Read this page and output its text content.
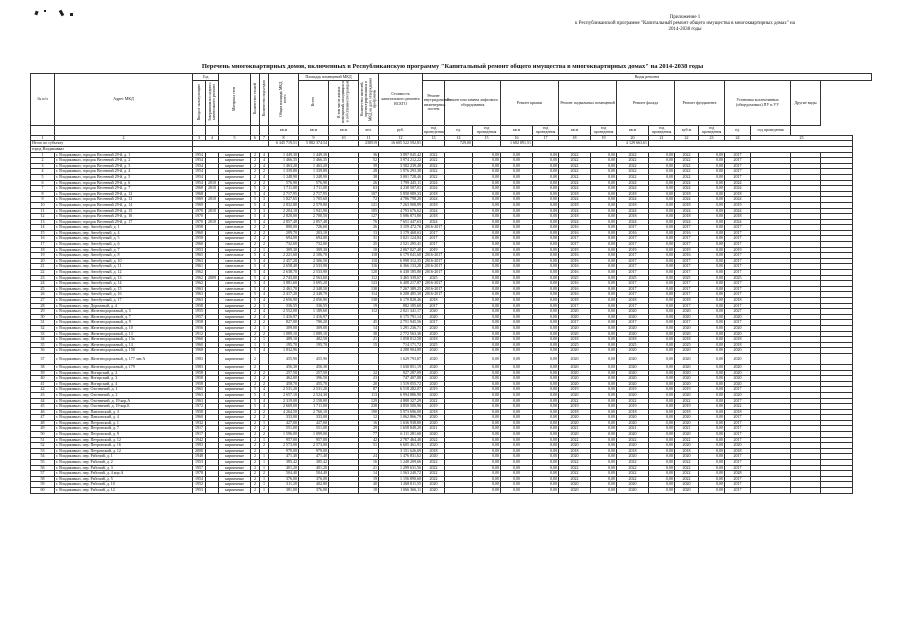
Приложение 1
к Республиканской программе "Капитальный ремонт общего имущества в многоквартирных домах" на
2014-2038 годы
Перечень многоквартирных домов, включенных в Республиканскую программу "Капитальный ремонт общего имущества в многоквартирных домах" на 2014-2038 годы
№ п/п	Адрес МКД	Год		Материал стен	Количество этажей	Количество подъездов	Общая площадь МКД всего	Площадь помещений МКД		Количество жителей, зарегистрированных в МКД на дату утверждения программы	Стоимость капитального ремонта ВСЕГО	Виды ремонта														
		Ввода в эксплуатацию	Завершения последнего капитального ремонта					Всего	В том числе жилых помещений, находящихся в собственности граждан			Ремонт внутридомовых инженерных систем	Ремонт или замена лифтового оборудования		Ремонт крыши		Ремонт подвальных помещений		Ремонт фасада		Ремонт фундамента		Установка коллективных (общедомовых) ПУ и УУ		Другие виды	
							кв.м	кв.м	кв.м	чел.	руб.	год проведения	ед.	год проведения	кв.м	год проведения	кв.м	год проведения	кв.м	год проведения	куб.м	год проведения	ед.	год проведения		
1	2	3	4	5	6	7	8	9	10	11	12	13	14	15	16	17	18	19	20	21	22	23	24	25		
Итого по субъекту							6 345 719,51	5 882 374,54		238519	16 605 522 592,81		729,00		1 682 891,51				4 129 663,61							
город Владикавказ																										
1	г. Владикавказ, городок Весенний 29-й, д. 1	1954		кирпичные	2	4	1 449,30	1 449,30		36	3 897 045,42	2022		0,00	0,00	0,00	2022	0,00	2022	0,00	2022	0,00	2017			
2	г. Владикавказ, городок Весенний 29-й, д. 2	1954		кирпичные	2	4	1 466,35	1 466,35		52	3 974 212,22	2022		0,00	0,00	0,00	2022	0,00	2022	0,00	2022	0,00	2017			
3	г. Владикавказ, городок Весенний 29-й, д. 3	1954		кирпичные	2	4	1 463,20	1 463,20		39	3 582 239,48	2022		0,00	0,00	0,00	2022	0,00	2022	0,00	2022	0,00	2017			
4	г. Владикавказ, городок Весенний 29-й, д. 4	1954		кирпичные	2	2	1 339,80	1 339,80		28	1 976 293,38	2022		0,00	0,00	0,00	2022	0,00	2022	0,00	2022	0,00	2017			
5	г. Владикавказ, городок Весенний 29-й, д. 5	1954		кирпичные	2	4	1 248,90	1 248,90		38	3 001 728,46	2022		0,00	0,00	0,00	2022	0,00	2022	0,00	2022	0,00	2017			
6	г. Владикавказ, городок Весенний 29-й, д. 6	1954	2010	кирпичные	2	2	576,90	576,90		26	1 799 445,11	2024		0,00	0,00	0,00	2024	0,00	2024	0,00	2024	0,00	2024			
7	г. Владикавказ, городок Весенний 29-й, д. 7	1968	2010	кирпичные	5	3	1 711,00	1 711,00		63	4 230 507,01	2024		0,00	0,00	0,00	2024	0,00	2024	0,00	2024	0,00	2024			
8	г. Владикавказ, городок Весенний 29-й, д. 12	1968		кирпичные	5	4	2 717,95	2 717,95		107	5 858 989,33	2018		0,00	0,00	0,00	2018	0,00	2018	0,00	2018	0,00	2018			
9	г. Владикавказ, городок Весенний 29-й, д. 13	1969	2010	кирпичные	5	3	1 827,65	1 705,60		72	4 786 798,20	2024		0,00	0,00	0,00	2024	0,00	2024	0,00	2024	0,00	2024			
10	г. Владикавказ, городок Весенний 29-й, д. 14	1969		кирпичные	5	4	2 832,80	2 579,80		121	7 263 908,89	2018		0,00	0,00	0,00	2018	0,00	2018	0,00	2018	0,00	2019			
11	г. Владикавказ, городок Весенний 29-й, д. 15	1970	2010	кирпичные	5	3	2 204,10	1 941,90		105	4 793 676,62	2024		0,00	0,00	0,00	2024	0,00	2024	0,00	2024	0,00	2024			
12	г. Владикавказ, городок Весенний 29-й, д. 16	1970		кирпичные	5	4	2 820,00	2 700,50		127	5 086 873,80	2018		0,00	0,00	0,00	2018	0,00	2018	0,00	2018	0,00	2018			
13	г. Владикавказ, городок Весенний 29-й, д. 17	1970	2010	кирпичные	5	4	2 857,48	2 857,48		76	7 651 447,63	2024		0,00	0,00	0,00	2024	0,00	2024	0,00	2024	0,00	2024			
14	г. Владикавказ, пер. Автобусный, д. 1	1958		панельные	2	2	800,00	726,60		26	3 159 472,76	2016-2017		0,00	0,00	0,00	2016	0,00	2017	0,00	2017	0,00	2017			
15	г. Владикавказ, пер. Автобусный, д. 4	1960		панельные	2	2	209,70	203,10		13	3 179 468,63	2017		0,00	0,00	0,00	2016	0,00	2016	0,00	2016	0,00	2017			
16	г. Владикавказ, пер. Автобусный, д. 5	1958		кирпичные	2	2	694,00	694,00		31	3 021 124,84	2017		0,00	0,00	0,00	2017	0,00	2017	0,00	2017	0,00	2017			
17	г. Владикавказ, пер. Автобусный, д. 6	1960		панельные	2	2	732,00	732,00		25	2 521 295,41	2017		0,00	0,00	0,00	2017	0,00	2017	0,00	2017	0,00	2017			
18	г. Владикавказ, пер. Автобусный, д. 7	1953		кирпичные	2	1	309,30	309,30		10	2 067 027,40	2019		0,00	0,00	0,00	2019	0,00	2019	0,00	2019	0,00	2019			
19	г. Владикавказ, пер. Автобусный, д. 8	1965		панельные	5	4	2 221,60	2 106,70		118	6 179 041,60	2016-2017		0,00	0,00	0,00	2016	0,00	2017	0,00	2016	0,00	2017			
20	г. Владикавказ, пер. Автобусный, д. 10	1963		панельные	5	4	2 457,20	2 306,50		110	6 998 312,35	2016-2017		0,00	0,00	0,00	2016	0,00	2017	0,00	2017	0,00	2017			
21	г. Владикавказ, пер. Автобусный, д. 11	1961		панельные	5	4	2 658,40	2 533,90		116	6 366 133,28	2016-2017		0,00	0,00	0,00	2016	0,00	2017	0,00	2017	0,00	2017			
22	г. Владикавказ, пер. Автобусный, д. 12	1962		панельные	5	4	2 638,70	2 533,90		120	6 438 185,80	2016-2017		0,00	0,00	0,00	2016	0,00	2017	0,00	2017	0,00	2017			
23	г. Владикавказ, пер. Автобусный, д. 13	1962	2009	панельные	5	4	2 743,00	2 563,60		112	3 465 339,67	2025		0,00	0,00	0,00	2025	0,00	2025	0,00	2025	0,00	2025			
24	г. Владикавказ, пер. Автобусный, д. 14	1962		панельные	5	4	3 881,60	3 695,20		123	6 408 217,87	2016-2017		0,00	0,00	0,00	2016	0,00	2017	0,00	2017	0,00	2017			
25	г. Владикавказ, пер. Автобусный, д. 15	1963		панельные	5	4	2 461,70	2 348,50		130	7 267 389,25	2016-2017		0,00	0,00	0,00	2016	0,00	2017	0,00	2017	0,00	2017			
26	г. Владикавказ, пер. Автобусный, д. 16	1963		панельные	5	4	2 417,20	2 348,70		114	6 208 485,30	2016-2017		0,00	0,00	0,00	2016	0,00	2017	0,00	2017	0,00	2017			
27	г. Владикавказ, пер. Автобусный, д. 17	1963		панельные	5	4	2 656,90	2 056,90		138	6 170 828,46	2018		0,00	0,00	0,00	2018	0,00	2018	0,00	2018	0,00	2018			
28	г. Владикавказ, пер. Дорожный, д. 4	1958		кирпичные	2	1	336,55	336,55		19	882 185,60	2017		0,00	0,00	0,00	2017	0,00	2017	0,00	2017	0,00	2017			
29	г. Владикавказ, пер. Железнодорожный, д. 5	1955		кирпичные	2	4	2 552,00	1 189,60		112	2 821 341,17	2020		0,00	0,00	0,00	2020	0,00	2020	0,00	2020	0,00	2027			
30	г. Владикавказ, пер. Железнодорожный, д. 7	1957		кирпичные	2	4	1 416,97	1 416,97			6 175 791,14	2020		0,00	0,00	0,00	2020	0,00	2020	0,00	2020	0,00	2020			
31	г. Владикавказ, пер. Железнодорожный, д. 9	1958		кирпичные	2	2	827,00	780,20		45	2 751 945,56	2017		0,00	0,00	0,00	2017	0,00	2017	0,00	2017	0,00	2017			
32	г. Владикавказ, пер. Железнодорожный, д. 10	1956		кирпичные	2	1	309,00	309,00		14	1 291 236,71	2020		0,00	0,00	0,00	2020	0,00	2020	0,00	2020	0,00	2020			
33	г. Владикавказ, пер. Железнодорожный, д. 13	1912		кирпичные	2	2	1 089,10	1 089,10		38	2 772 563,36	2020		0,00	0,00	0,00	2020	0,00	2020	0,00	2020	0,00	2020			
34	г. Владикавказ, пер. Железнодорожный, д. 13а	1960		кирпичные	2	1	489,10	482,50		21	1 058 012,58	2018		0,00	0,00	0,00	2018	0,00	2018	0,00	2018	0,00	2018			
35	г. Владикавказ, пер. Железнодорожный, д. 14	1960		кирпичные	1	1	195,70	195,70		15	714 171,72	2025		0,00	0,00	0,00	2025	0,00	2025	0,00	2025	0,00	2018			
36	г. Владикавказ, пер. Железнодорожный, д. 158	1968		кирпичные	5	4	1 832,96				4 288 904,89	2020		0,00	0,00	0,00	2020	0,00	2020	0,00	2020	0,00	2020			
37	г. Владикавказ, пер. Железнодорожный, д. 177 лит.А	1983		кирпичные	2		455,90	455,90			1 629 793,87	2020		0,00	0,00	0,00	2020	0,00	2020	0,00	2020	0,00	2020			
38	г. Владикавказ, пер. Железнодорожный, д. 179	1983		кирпичные	2		456,30	456,30			1 630 851,19	2020		0,00	0,00	0,00	2020	0,00	2020	0,00	2020	0,00	2020			
39	г. Владикавказ, пер. Ногирский, д. 2	1958		кирпичные	2	2	257,50	257,50		22	927 287,09	2020		0,00	0,00	0,00	2020	0,00	2020	0,00	2020	0,00	2020			
40	г. Владикавказ, пер. Ногирский, д. 3	1958		кирпичные	2	2	462,00	396,50		23	747 407,88	2020		0,00	0,00	0,00	2020	0,00	2020	0,00	2020	0,00	2020			
41	г. Владикавказ, пер. Ногирский, д. 4	1958		кирпичные	2	2	458,70	455,70		20	1 519 055,72	2020		0,00	0,00	0,00	2020	0,00	2020	0,00	2020	0,00	2020			
42	г. Владикавказ, пер. Охотничий, д. 1	1965		кирпичные	5	4	2 531,20	2 531,20		87	6 518 282,07	2019		0,00	0,00	0,00	2019	0,00	2019	0,00	2019	0,00	2017			
43	г. Владикавказ, пер. Охотничий, д. 2	1963		кирпичные	5	4	2 657,10	2 524,30		113	6 994 886,90	2020		0,00	0,00	0,00	2020	0,00	2020	0,00	2020	0,00	2020			
44	г. Владикавказ, пер. Охотничий, д. 19 кор.А	1963		кирпичные	5	4	2 319,00	2 158,00		129	4 888 327,29	2022		0,00	0,00	0,00	2022	0,00	2022	0,00	2022	0,00	2017			
45	г. Владикавказ, пер. Охотничий, д. 19 кор.Б	1972		кирпичные	5	4	2 669,00	1 711,00		238	4 850 500,96	2019		0,00	0,00	0,00	2019	0,00	2019	0,00	2019	0,00	2022			
46	г. Владикавказ, пер. Павловский, д. 3	1958		кирпичные	2	2	4 264,50	2 760,10		190	5 973 696,00	2018		0,00	0,00	0,00	2018	0,00	2018	0,00	2018	0,00	2018			
47	г. Владикавказ, пер. Павловский, д. 4	1960		кирпичные	2	2	333,00	333,00		12	1 062 866,79	2020		0,00	0,00	0,00	2020	0,00	2020	0,00	2020	0,00	2017			
48	г. Владикавказ, пер. Петровский, д. 1	1932		кирпичные	2	1	427,00	427,00		16	1 636 938,80	2020		0,00	0,00	0,00	2020	0,00	2020	0,00	2020	0,00	2017			
49	г. Владикавказ, пер. Петровский, д. 7	1917		кирпичные	2	2	551,00	551,00		29	1 658 849,20	2021		0,00	0,00	0,00	2021	0,00	2021	0,00	2021	0,00	2017			
50	г. Владикавказ, пер. Петровский, д. 9	1917		кирпичные	2	2	1 596,00	1 099,00		77	6 111 281,60	2020		0,00	0,00	0,00	2020	0,00	2020	0,00	2020	0,00	2017			
51	г. Владикавказ, пер. Петровский, д. 12	1942		кирпичные	2	1	957,00	957,00		42	2 787 464,40	2022		0,00	0,00	0,00	2022	0,00	2022	0,00	2022	0,00	2017			
52	г. Владикавказ, пер. Петровский, д. 16	1993		кирпичные	2	2	2 573,00	2 573,00		51	6 605 461,91	2020		0,00	0,00	0,00	2020	0,00	2020	0,00	2020	0,00	2020			
53	г. Владикавказ, пер. Петровский, д. 12	2000		кирпичные	2		979,00	979,00			3 151 626,69	2018		0,00	0,00	0,00	2018	0,00	2018	0,00	2018	0,00	2018			
54	г. Владикавказ, пер. Рабочий, д. 1	1948		кирпичные	2	1	471,40	471,40		24	1 476 831,62	2020		0,00	0,00	0,00	2020	0,00	2020	0,00	2020	0,00	2017			
55	г. Владикавказ, пер. Рабочий, д. 2	1953		кирпичные	2	1	385,42	385,42		16	1 248 209,66	2022		0,00	0,00	0,00	2022	0,00	2022	0,00	2022	0,00	2017			
56	г. Владикавказ, пер. Рабочий, д. 3	1957		кирпичные	2	1	401,20	401,20		21	1 299 631,56	2022		0,00	0,00	0,00	2022	0,00	2022	0,00	2022	0,00	2017			
57	г. Владикавказ, пер. Рабочий, д. 4 кор.А	1978		кирпичные	2	2	504,40	504,40		14	1 563 240,72	2022		0,00	0,00	0,00	2022	0,00	2022	0,00	2022	0,00	2028			
58	г. Владикавказ, пер. Рабочий, д. 5	1954		кирпичные	2	1	376,00	376,00		19	1 156 890,60	2022		0,00	0,00	0,00	2022	0,00	2022	0,00	2022	0,00	2017			
59	г. Владикавказ, пер. Рабочий, д. 10	1952		кирпичные	2	1	311,20	402,80		40	1 268 811,55	2020		0,00	0,00	0,00	2020	0,00	2020	0,00	2020	0,00	2017			
60	г. Владикавказ, пер. Рабочий, д. 12	1953		кирпичные	2	1	381,00	376,00		18	1 066 366,11	2020		0,00	0,00	0,00	2020	0,00	2020	0,00	2020	0,00	2017			
